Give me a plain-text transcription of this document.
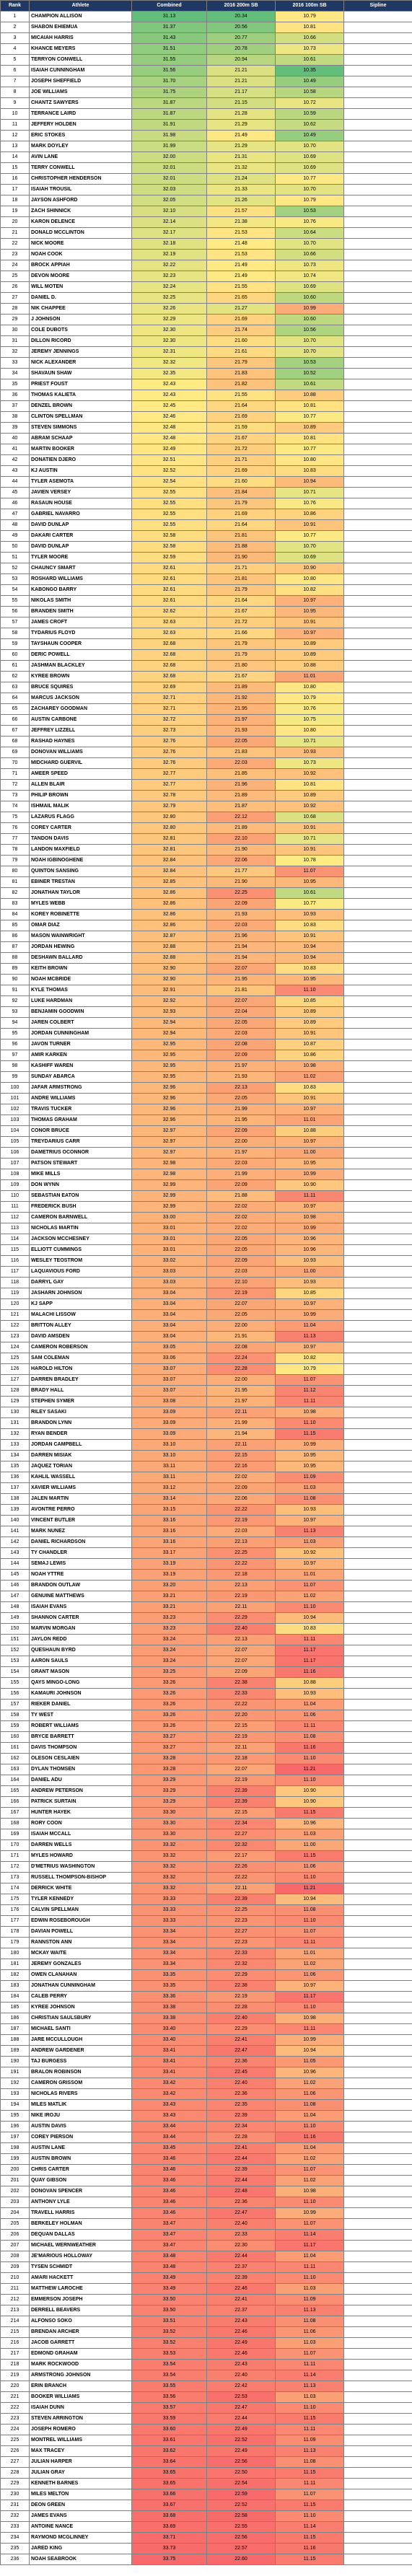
Rank	Athlete	Combined	2016 200m SB	2016 100m SB	Sipline
1	CHAMPION ALLISON	31.13	20.34	10.79	
2	SHABON EHIEMUA	31.37	20.56	10.81	
3	MICAIAH HARRIS	31.43	20.77	10.66	
4	KHANCE MEYERS	31.51	20.78	10.73	
5	TERRYON CONWELL	31.55	20.94	10.61	
6	ISAIAH CUNNINGHAM	31.56	21.21	10.35	
7	JOSEPH SHEFFIELD	31.70	21.21	10.49	
8	JOE WILLIAMS	31.75	21.17	10.58	
9	CHANTZ SAWYERS	31.87	21.15	10.72	
10	TERRANCE LAIRD	31.87	21.28	10.59	
11	JEFFERY HOLDEN	31.91	21.29	10.62	
12	ERIC STOKES	31.98	21.49	10.49	
13	MARK DOYLEY	31.99	21.29	10.70	
14	AVIN LANE	32.00	21.31	10.69	
15	TERRY CONWELL	32.01	21.32	10.69	
16	CHRISTOPHER HENDERSON	32.01	21.24	10.77	
17	ISAIAH TROUSIL	32.03	21.33	10.70	
18	JAYSON ASHFORD	32.05	21.26	10.79	
19	ZACH SHINNICK	32.10	21.57	10.53	
20	KARON DELENCE	32.14	21.38	10.76	
21	DONALD MCCLINTON	32.17	21.53	10.64	
22	NICK MOORE	32.18	21.48	10.70	
23	NOAH COOK	32.19	21.53	10.66	
24	BROCK APPIAH	32.22	21.49	10.73	
25	DEVON MOORE	32.23	21.49	10.74	
26	WILL MOTEN	32.24	21.55	10.69	
27	DANIEL D.	32.25	21.65	10.60	
28	NIK CHAPPEE	32.26	21.27	10.99	
29	J JOHNSON	32.29	21.69	10.60	
30	COLE DUBOTS	32.30	21.74	10.56	
31	DILLON RICORD	32.30	21.60	10.70	
32	JEREMY JENNINGS	32.31	21.61	10.70	
33	NICK ALEXANDER	32.32	21.79	10.53	
34	SHAVAUN SHAW	32.35	21.83	10.52	
35	PRIEST FOUST	32.43	21.82	10.61	
36	THOMAS KALIETA	32.43	21.55	10.88	
37	DENZEL BROWN	32.45	21.64	10.81	
38	CLINTON SPELLMAN	32.46	21.69	10.77	
39	STEVEN SIMMONS	32.48	21.59	10.89	
40	ABRAM SCHAAP	32.48	21.67	10.81	
41	MARTIN BOOKER	32.49	21.72	10.77	
42	DONATIEN DJERO	32.51	21.71	10.80	
43	KJ AUSTIN	32.52	21.69	10.83	
44	TYLER ASEMOTA	32.54	21.60	10.94	
45	JAVIEN VERSEY	32.55	21.84	10.71	
46	RASAUN HOUSE	32.55	21.79	10.76	
47	GABRIEL NAVARRO	32.55	21.69	10.86	
48	DAVID DUNLAP	32.55	21.64	10.91	
49	DAKARI CARTER	32.58	21.81	10.77	
50	DAVID DUNLAP	32.58	21.88	10.70	
51	TYLER MOORE	32.59	21.90	10.69	
52	CHAUNCY SMART	32.61	21.71	10.90	
53	ROSHARD WILLIAMS	32.61	21.81	10.80	
54	KABONGO BARRY	32.61	21.79	10.82	
55	NIKOLAS SMITH	32.61	21.64	10.97	
56	BRANDEN SMITH	32.62	21.67	10.95	
57	JAMES CROFT	32.63	21.72	10.91	
58	TYDARIUS FLOYD	32.63	21.66	10.97	
59	TAYSHAUN COOPER	32.68	21.79	10.89	
60	DERIC POWELL	32.68	21.79	10.89	
61	JASHMAN BLACKLEY	32.68	21.80	10.88	
62	KYREE BROWN	32.68	21.67	11.01	
63	BRUCE SQUIRES	32.69	21.89	10.80	
64	MARCUS JACKSON	32.71	21.92	10.79	
65	ZACHAREY GOODMAN	32.71	21.95	10.76	
66	AUSTIN CARBONE	32.72	21.97	10.75	
67	JEFFREY LIZZELL	32.73	21.93	10.80	
68	RASHAD HAYNES	32.76	22.05	10.71	
69	DONOVAN WILLIAMS	32.76	21.83	10.93	
70	MIDCHARD GUERVIL	32.76	22.03	10.73	
71	AMEER SPEED	32.77	21.85	10.92	
72	ALLEN BLAIR	32.77	21.96	10.81	
73	PHILIP BROWN	32.78	21.89	10.89	
74	ISHMAIL MALIK	32.79	21.87	10.92	
75	LAZARUS FLAGG	32.80	22.12	10.68	
76	COREY CARTER	32.80	21.89	10.91	
77	TANDON DAVIS	32.81	22.10	10.71	
78	LANDON MAXFIELD	32.81	21.90	10.91	
79	NOAH IGBINOGHENE	32.84	22.06	10.78	
80	QUINTON SANSING	32.84	21.77	11.07	
81	EBINER TRESTAN	32.85	21.90	10.95	
82	JONATHAN TAYLOR	32.86	22.25	10.61	
83	MYLES WEBB	32.86	22.09	10.77	
84	KOREY ROBINETTE	32.86	21.93	10.93	
85	OMAR DIAZ	32.86	22.03	10.83	
86	MASON WAINWRIGHT	32.87	21.96	10.91	
87	JORDAN HEWING	32.88	21.94	10.94	
88	DESHAWN BALLARD	32.88	21.94	10.94	
89	KEITH BROWN	32.90	22.07	10.83	
90	NOAH MCBRIDE	32.90	21.95	10.95	
91	KYLE THOMAS	32.91	21.81	11.10	
92	LUKE HARDMAN	32.92	22.07	10.85	
93	BENJAMIN GOODWIN	32.93	22.04	10.89	
94	JAREN COLBERT	32.94	22.05	10.89	
95	JORDAN CUNNINGHAM	32.94	22.03	10.91	
96	JAVON TURNER	32.95	22.08	10.87	
97	AMIR KARKEN	32.95	22.09	10.86	
98	KASHIFF WAREN	32.95	21.97	10.98	
99	SUNDAY ABARCA	32.95	21.93	11.02	
100	JAFAR ARMSTRONG	32.96	22.13	10.83	
101	ANDRE WILLIAMS	32.96	22.05	10.91	
102	TRAVIS TUCKER	32.96	21.99	10.97	
103	THOMAS GRAHAM	32.96	21.95	11.01	
104	CONOR BRUCE	32.97	22.09	10.88	
105	TREYDARIUS CARR	32.97	22.00	10.97	
106	DAMETRIUS OCONNOR	32.97	21.97	11.00	
107	PATSON STEWART	32.98	22.03	10.95	
108	MIKE MILLS	32.98	21.99	10.99	
109	DON WYNN	32.99	22.09	10.90	
110	SEBASTIAN EATON	32.99	21.88	11.11	
111	FREDERICK BUSH	32.99	22.02	10.97	
112	CAMERON BARNWELL	33.00	22.02	10.98	
113	NICHOLAS MARTIN	33.01	22.02	10.99	
114	JACKSON MCCHESNEY	33.01	22.05	10.96	
115	ELLIOTT CUMMINGS	33.01	22.05	10.96	
116	WESLEY TEOSTROM	33.02	22.09	10.93	
117	LAQUAVIOUS FORD	33.03	22.03	11.00	
118	DARRYL GAY	33.03	22.10	10.93	
119	JASHARN JOHNSON	33.04	22.19	10.85	
120	KJ SAPP	33.04	22.07	10.97	
121	MALACHI LISSOW	33.04	22.05	10.99	
122	BRITTON ALLEY	33.04	22.00	11.04	
123	DAVID AMSDEN	33.04	21.91	11.13	
124	CAMERON ROBERSON	33.05	22.08	10.97	
125	SAM COLEMAN	33.06	22.24	10.82	
126	HAROLD HILTON	33.07	22.28	10.79	
127	DARREN BRADLEY	33.07	22.00	11.07	
128	BRADY HALL	33.07	21.95	11.12	
129	STEPHEN SYMER	33.08	21.97	11.11	
130	RILEY SASAKI	33.09	22.11	10.98	
131	BRANDON LYNN	33.09	21.99	11.10	
132	RYAN BENDER	33.09	21.94	11.15	
133	JORDAN CAMPBELL	33.10	22.11	10.99	
134	DARREN MISIAK	33.10	22.15	10.95	
135	JAQUEZ TORIAN	33.11	22.16	10.95	
136	KAHLIL WASSELL	33.11	22.02	11.09	
137	XAVIER WILLIAMS	33.12	22.09	11.03	
138	JALEN MARTIN	33.14	22.06	11.08	
139	AVONTRE PERRO	33.15	22.22	10.93	
140	VINCENT BUTLER	33.16	22.19	10.97	
141	MARK NUNEZ	33.16	22.03	11.13	
142	DANIEL RICHARDSON	33.16	22.13	11.03	
143	TY CHANDLER	33.17	22.25	10.92	
144	SEMAJ LEWIS	33.19	22.22	10.97	
145	NOAH YTTRE	33.19	22.18	11.01	
146	BRANDON OUTLAW	33.20	22.13	11.07	
147	GENUINE MATTHEWS	33.21	22.19	11.02	
148	ISAIAH EVANS	33.21	22.11	11.10	
149	SHANNON CARTER	33.23	22.29	10.94	
150	MARVIN MORGAN	33.23	22.40	10.83	
151	JAYLON REDD	33.24	22.13	11.11	
152	QUESHAUN BYRD	33.24	22.07	11.17	
153	AARON SAULS	33.24	22.07	11.17	
154	GRANT MASON	33.25	22.09	11.16	
155	QAYS MINGO-LONG	33.26	22.38	10.88	
156	KAMAURI JOHNSON	33.26	22.33	10.93	
157	RIEKER DANIEL	33.26	22.22	11.04	
158	TY WEST	33.26	22.20	11.06	
159	ROBERT WILLIAMS	33.26	22.15	11.11	
160	BRYCE BARRETT	33.27	22.19	11.08	
161	DAVIS THOMPSON	33.27	22.11	11.16	
162	OLESON CESLAIEN	33.28	22.18	11.10	
163	DYLAN THOMSEN	33.28	22.07	11.21	
164	DANIEL ADU	33.29	22.19	11.10	
165	ANDREW PETERSON	33.29	22.39	10.90	
166	PATRICK SURTAIN	33.29	22.39	10.90	
167	HUNTER HAYEK	33.30	22.15	11.15	
168	RORY COON	33.30	22.34	10.96	
169	ISAIAH MCCALL	33.30	22.27	11.03	
170	DARREN WELLS	33.32	22.32	11.00	
171	MYLES HOWARD	33.32	22.17	11.15	
172	D'METRIUS WASHINGTON	33.32	22.26	11.06	
173	RUSSELL THOMPSON-BISHOP	33.32	22.22	11.10	
174	DERRICK WHITE	33.32	22.11	11.21	
175	TYLER KENNEDY	33.33	22.39	10.94	
176	CALVIN SPELLMAN	33.33	22.25	11.08	
177	EDWIN ROSEBOROUGH	33.33	22.23	11.10	
178	DAVIAN POWELL	33.34	22.27	11.07	
179	RANNSTON ANN	33.34	22.23	11.11	
180	MCKAY WAITE	33.34	22.33	11.01	
181	JEREMY GONZALES	33.34	22.32	11.02	
182	OWEN CLANAHAN	33.35	22.29	11.06	
183	JONATHAN CUNNINGHAM	33.35	22.38	10.97	
184	CALEB PERRY	33.36	22.19	11.17	
185	KYREE JOHNSON	33.38	22.28	11.10	
186	CHRISTIAN SAULSBURY	33.38	22.40	10.98	
187	MICHAEL SANTI	33.40	22.29	11.11	
188	JARE MCCULLOUGH	33.40	22.41	10.99	
189	ANDREW GARDENER	33.41	22.47	10.94	
190	TAJ BURGESS	33.41	22.36	11.05	
191	BRALON ROBINSON	33.41	22.45	10.96	
192	CAMERON GRISSOM	33.42	22.40	11.02	
193	NICHOLAS RIVERS	33.42	22.36	11.06	
194	MILES MATLIK	33.43	22.35	11.08	
195	NIKE IROJU	33.43	22.39	11.04	
196	AUSTIN DAVIS	33.44	22.34	11.10	
197	COREY PIERSON	33.44	22.28	11.16	
198	AUSTIN LANE	33.45	22.41	11.04	
199	AUSTIN BROWN	33.46	22.44	11.02	
200	CHRIS CARTER	33.46	22.39	11.07	
201	QUAY GIBSON	33.46	22.44	11.02	
202	DONOVAN SPENCER	33.46	22.48	10.98	
203	ANTHONY LYLE	33.46	22.36	11.10	
204	TRAVELL HARRIS	33.46	22.47	10.99	
205	BERKELEY HOLMAN	33.47	22.40	11.07	
206	DEQUAN DALLAS	33.47	22.33	11.14	
207	MICHAEL WERNWEATHER	33.47	22.30	11.17	
208	JE'MARIOUS HOLLOWAY	33.48	22.44	11.04	
209	TYSEN SCHMIDT	33.48	22.37	11.11	
210	AMARI HACKETT	33.49	22.39	11.10	
211	MATTHEW LAROCHE	33.49	22.46	11.03	
212	EMMERSON JOSEPH	33.50	22.41	11.09	
213	DERRELL BEAVERS	33.50	22.37	11.13	
214	ALFONSO SOKO	33.51	22.43	11.08	
215	BRENDAN ARCHER	33.52	22.46	11.06	
216	JACOB GARRETT	33.52	22.49	11.03	
217	EDMOND GRAHAM	33.53	22.46	11.07	
218	MARK ROCKWOOD	33.54	22.43	11.11	
219	ARMSTRONG JOHNSON	33.54	22.40	11.14	
220	ERIN BRANCH	33.55	22.42	11.13	
221	BOOKER WILLIAMS	33.56	22.53	11.03	
222	ISAIAH DUNN	33.57	22.47	11.10	
223	STEVEN ARRINGTON	33.59	22.44	11.15	
224	JOSEPH ROMERO	33.60	22.49	11.11	
225	MONTREL WILLIAMS	33.61	22.52	11.09	
226	MAX TRACEY	33.62	22.49	11.13	
227	JULIAN HARPER	33.64	22.56	11.08	
228	JULIAN GRAY	33.65	22.50	11.15	
229	KENNETH BARNES	33.65	22.54	11.11	
230	MILES MELTON	33.66	22.59	11.07	
231	DEON GREEN	33.67	22.52	11.15	
232	JAMES EVANS	33.68	22.58	11.10	
233	ANTOINE NANCE	33.69	22.55	11.14	
234	RAYMOND MCGLINNEY	33.71	22.56	11.15	
235	JARED KING	33.73	22.57	11.16	
236	NOAH SEABROOK	33.75	22.60	11.15	
